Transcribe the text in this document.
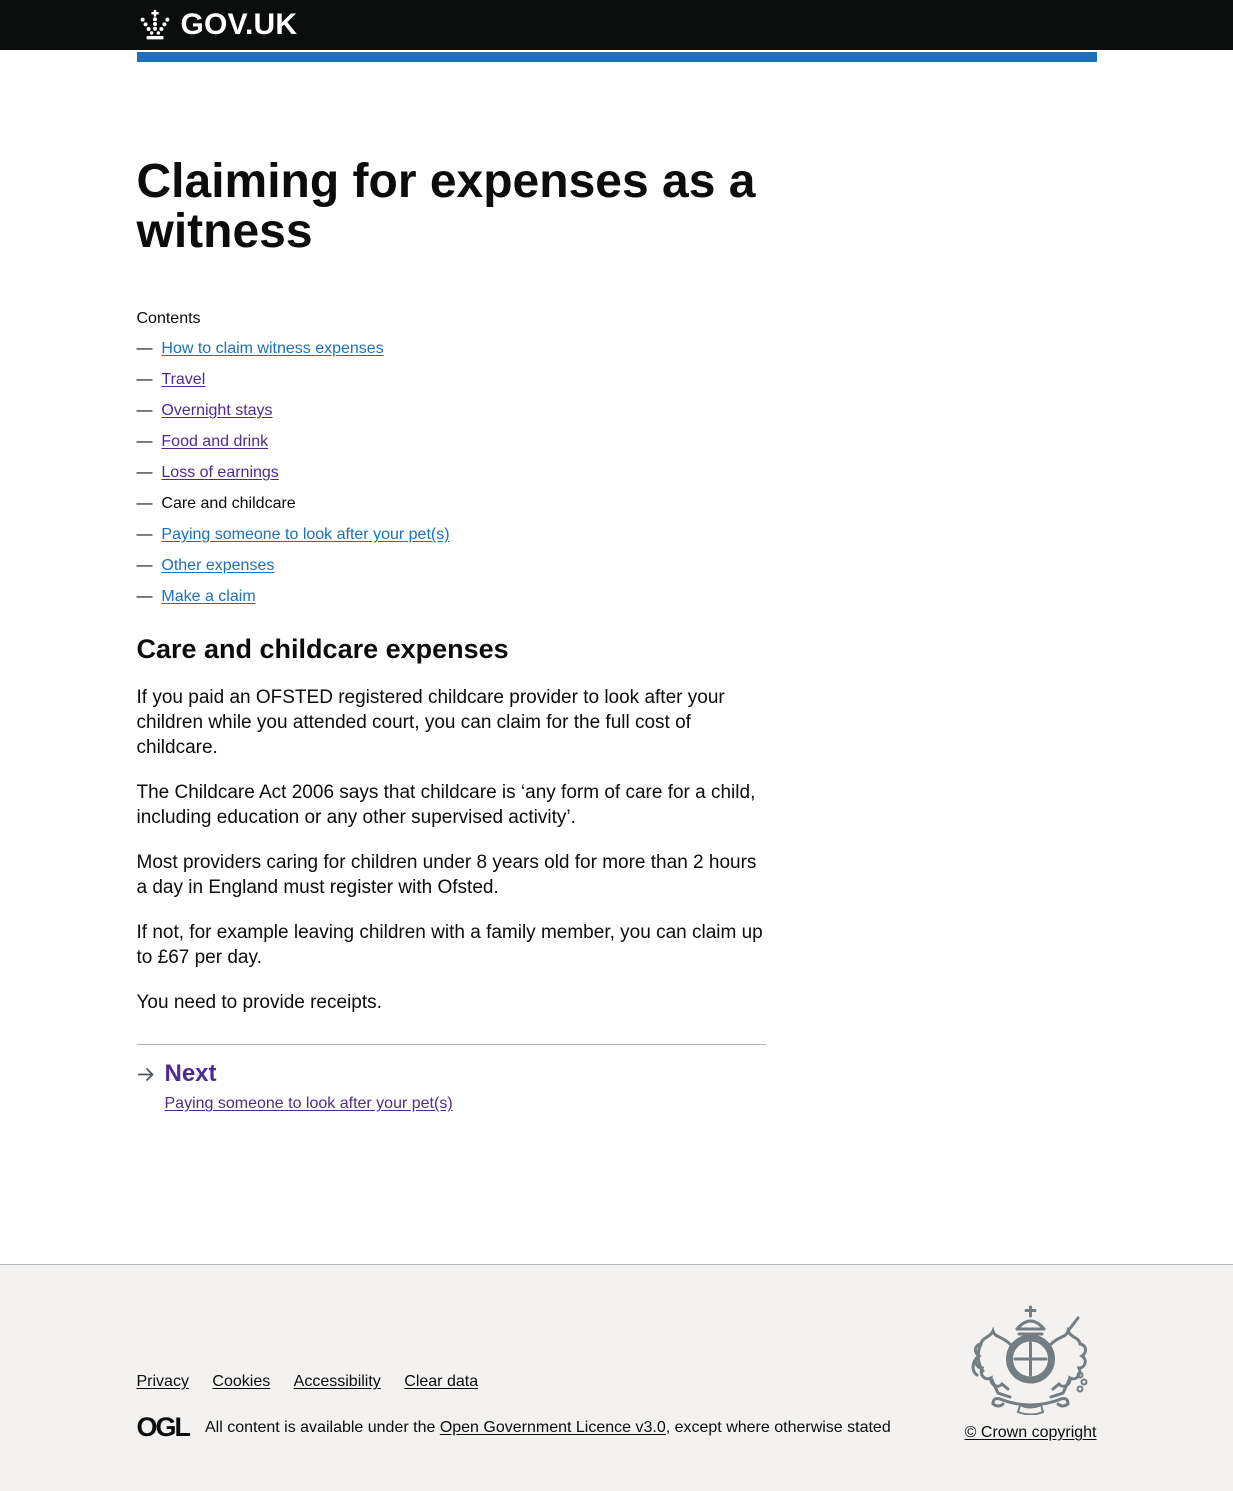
GOV.UK
Claiming for expenses as a witness

Contents

—  How to claim witness expenses
—  Travel
—  Overnight stays
—  Food and drink
—  Loss of earnings
—  Care and childcare
—  Paying someone to look after your pet(s)
—  Other expenses
—  Make a claim
Care and childcare expenses

If you paid an OFSTED registered childcare provider to look after your children while you attended court, you can claim for the full cost of childcare.

The Childcare Act 2006 says that childcare is ‘any form of care for a child, including education or any other supervised activity’.

Most providers caring for children under 8 years old for more than 2 hours a day in England must register with Ofsted.

If not, for example leaving children with a family member, you can claim up to £67 per day.

You need to provide receipts.

Next
Paying someone to look after your pet(s)
Privacy Cookies Accessibility Clear data
OGL All content is available under the Open Government Licence v3.0, except where otherwise stated	© Crown copyright
